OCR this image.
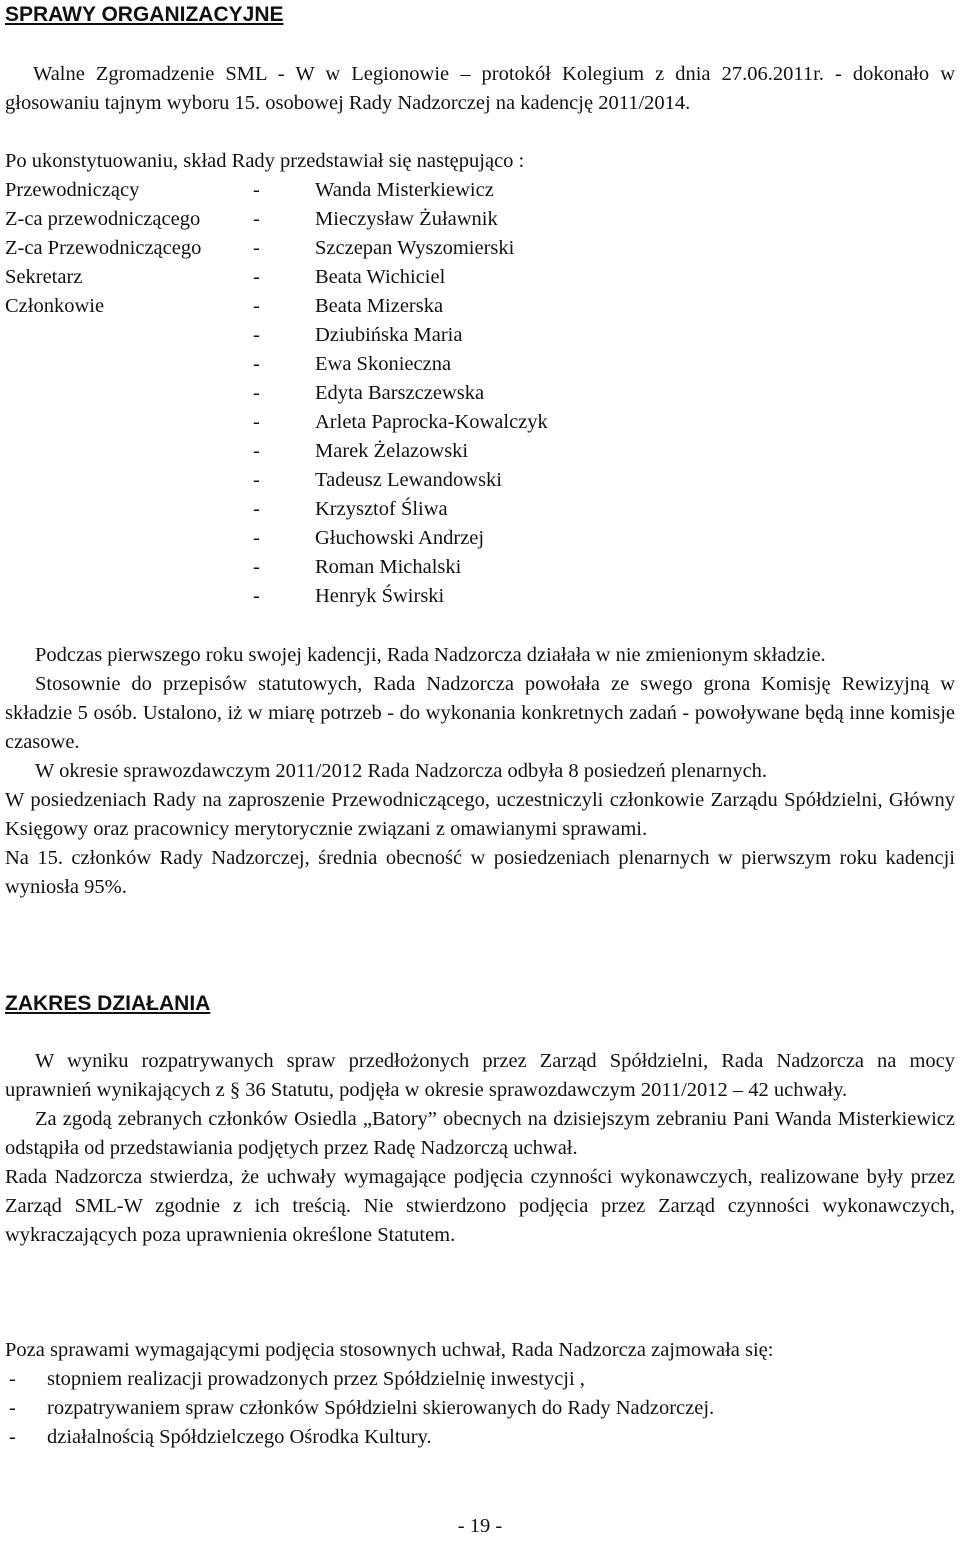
SPRAWY ORGANIZACYJNE
Walne Zgromadzenie SML - W w Legionowie – protokół Kolegium z dnia 27.06.2011r. - dokonało w głosowaniu tajnym wyboru 15. osobowej Rady Nadzorczej na kadencję 2011/2014.
Po ukonstytuowaniu, skład Rady przedstawiał się następująco :
Przewodniczący	-	Wanda Misterkiewicz
Z-ca przewodniczącego	-	Mieczysław Żuławnik
Z-ca Przewodniczącego	-	Szczepan Wyszomierski
Sekretarz	-	Beata Wichiciel
Członkowie	-	Beata Mizerska
-	Dziubińska Maria
-	Ewa Skonieczna
-	Edyta Barszczewska
-	Arleta Paprocka-Kowalczyk
-	Marek Żelazowski
-	Tadeusz Lewandowski
-	Krzysztof Śliwa
-	Głuchowski Andrzej
-	Roman Michalski
-	Henryk Świrski

Podczas pierwszego roku swojej kadencji, Rada Nadzorcza działała w nie zmienionym składzie.

Stosownie do przepisów statutowych, Rada Nadzorcza powołała ze swego grona Komisję Rewizyjną w składzie 5 osób. Ustalono, iż w miarę potrzeb - do wykonania konkretnych zadań - powoływane będą inne komisje czasowe.

W okresie sprawozdawczym 2011/2012 Rada Nadzorcza odbyła 8 posiedzeń plenarnych.

W posiedzeniach Rady na zaproszenie Przewodniczącego, uczestniczyli członkowie Zarządu Spółdzielni, Główny Księgowy oraz pracownicy merytorycznie związani z omawianymi sprawami.

Na 15. członków Rady Nadzorczej, średnia obecność w posiedzeniach plenarnych w pierwszym roku kadencji wyniosła 95%.

ZAKRES DZIAŁANIA

W wyniku rozpatrywanych spraw przedłożonych przez Zarząd Spółdzielni, Rada Nadzorcza na mocy uprawnień wynikających z § 36 Statutu, podjęła w okresie sprawozdawczym 2011/2012 – 42 uchwały.

Za zgodą zebranych członków Osiedla „Batory” obecnych na dzisiejszym zebraniu Pani Wanda Misterkiewicz odstąpiła od przedstawiania podjętych przez Radę Nadzorczą uchwał.

Rada Nadzorcza stwierdza, że uchwały wymagające podjęcia czynności wykonawczych, realizowane były przez Zarząd SML-W zgodnie z ich treścią. Nie stwierdzono podjęcia przez Zarząd czynności wykonawczych, wykraczających poza uprawnienia określone Statutem.

Poza sprawami wymagającymi podjęcia stosownych uchwał, Rada Nadzorcza zajmowała się:

-	stopniem realizacji prowadzonych przez Spółdzielnię inwestycji ,
-	rozpatrywaniem spraw członków Spółdzielni skierowanych do Rady Nadzorczej.
-	działalnością Spółdzielczego Ośrodka Kultury.
- 19 -
